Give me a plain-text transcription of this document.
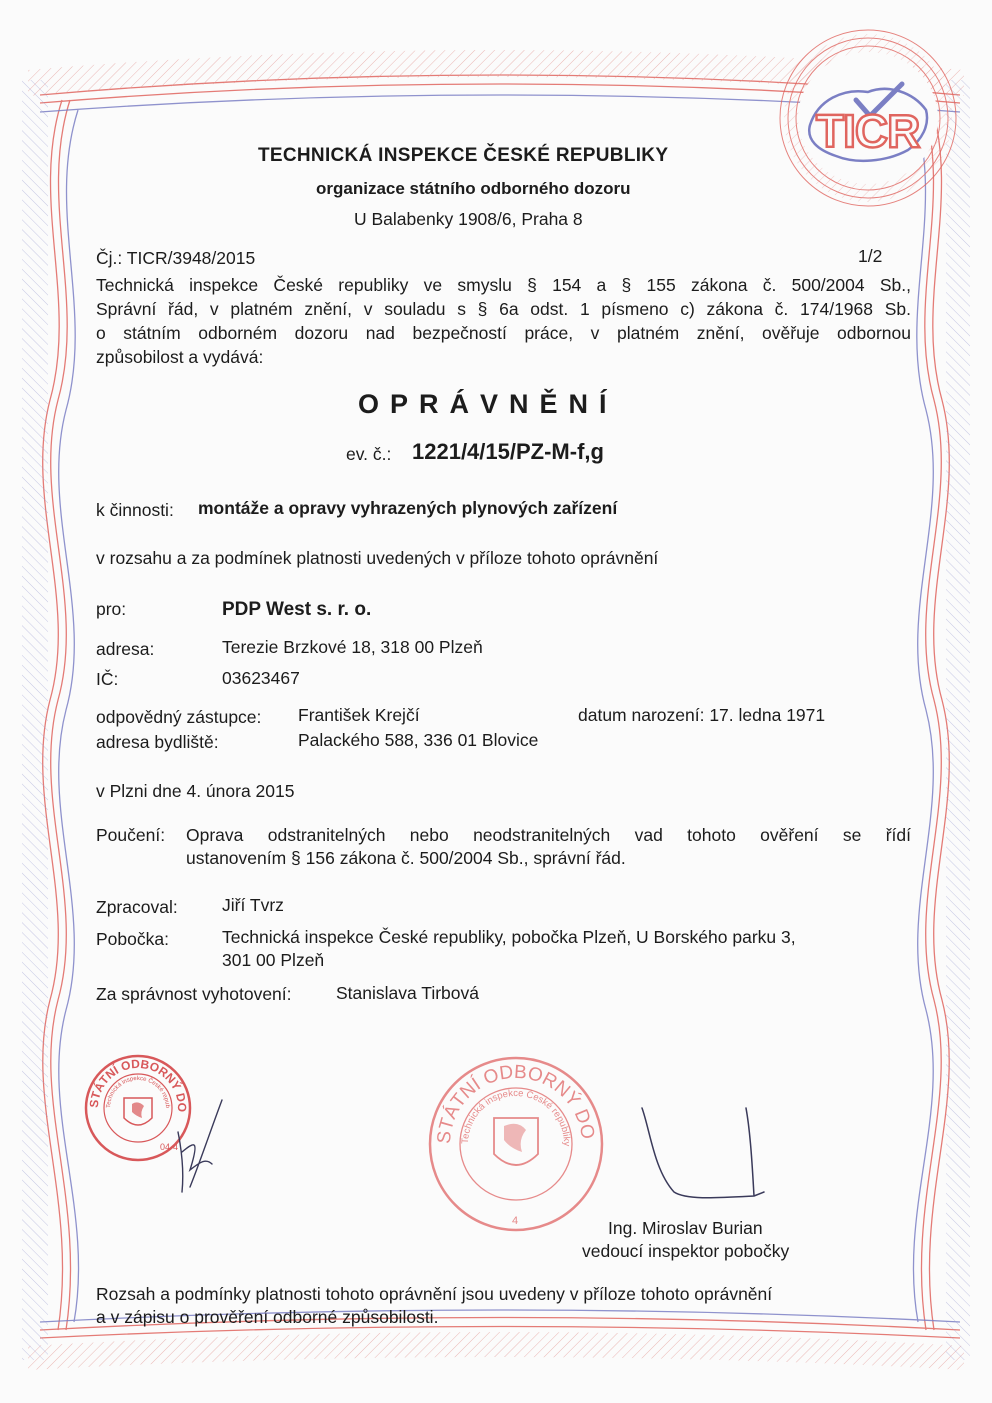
TICR
TECHNICKÁ INSPEKCE ČESKÉ REPUBLIKY
organizace státního odborného dozoru
U Balabenky 1908/6, Praha 8
Čj.: TICR/3948/2015	1/2
Technická inspekce České republiky ve smyslu § 154 a § 155 zákona č. 500/2004 Sb.,
Správní řád, v platném znění, v souladu s § 6a odst. 1 písmeno c) zákona č. 174/1968 Sb.
o státním odborném dozoru nad bezpečností práce, v platném znění, ověřuje odbornou
způsobilost a vydává:
OPRÁVNĚNÍ
ev. č.: 1221/4/15/PZ-M-f,g
k činnosti: montáže a opravy vyhrazených plynových zařízení
v rozsahu a za podmínek platnosti uvedených v příloze tohoto oprávnění
pro:	PDP West s. r. o.
adresa:	Terezie Brzkové 18, 318 00 Plzeň
IČ:	03623467
odpovědný zástupce: František Krejčí	datum narození: 17. ledna 1971
adresa bydliště:	Palackého 588, 336 01 Blovice
v Plzni dne 4. února 2015
Poučení: Oprava odstranitelných nebo neodstranitelných vad tohoto ověření se řídí
ustanovením § 156 zákona č. 500/2004 Sb., správní řád.
Zpracoval:	Jiří Tvrz
Pobočka:	Technická inspekce České republiky, pobočka Plzeň, U Borského parku 3,
301 00 Plzeň
Za správnost vyhotovení:	Stanislava Tirbová
STÁTNÍ ODBORNÝ DO
Technická inspekce České repub
04-4
STÁTNÍ ODBORNÝ DO
Technická inspekce České republiky
4	Ing. Miroslav Burian
vedoucí inspektor pobočky
Rozsah a podmínky platnosti tohoto oprávnění jsou uvedeny v příloze tohoto oprávnění
a v zápisu o prověření odborné způsobilosti.
